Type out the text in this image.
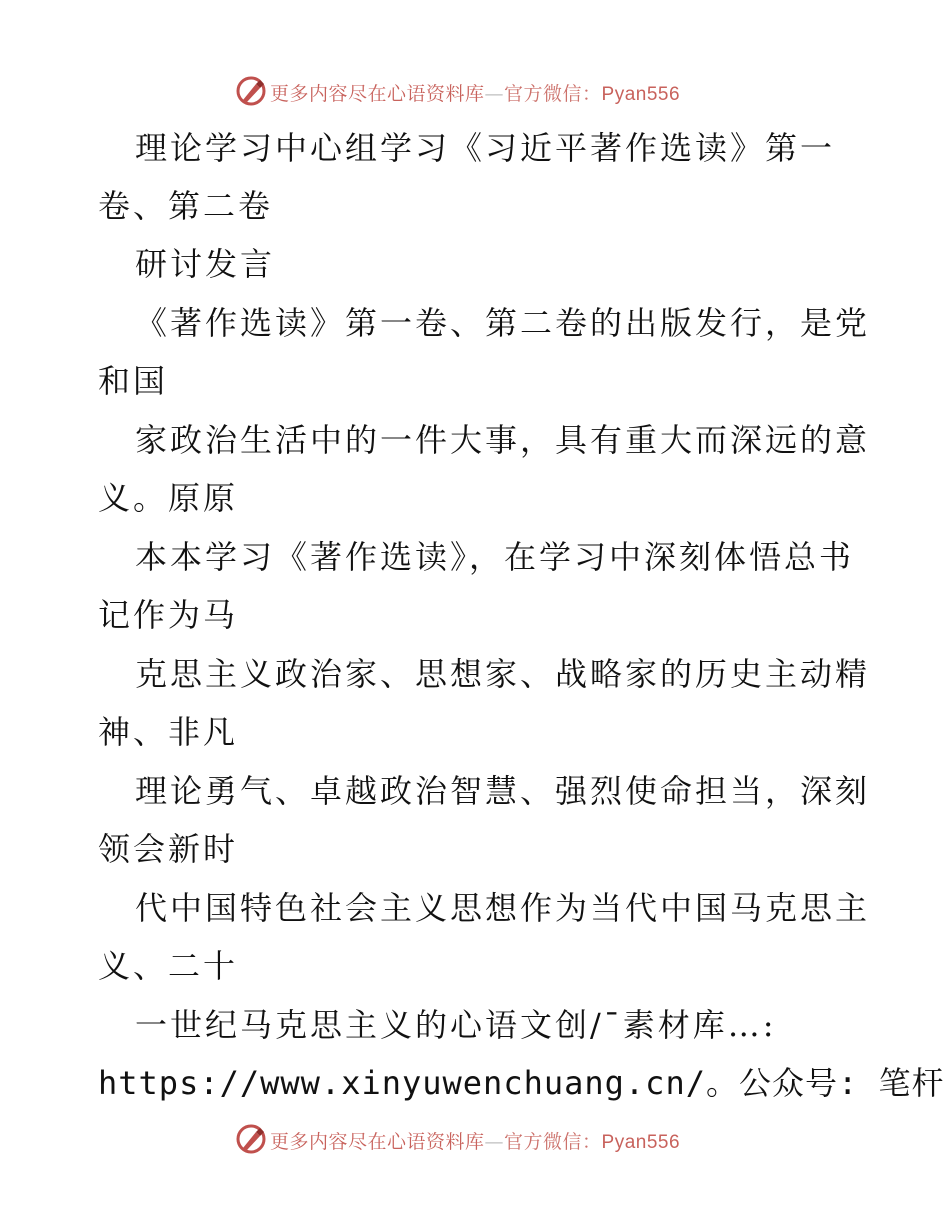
更多内容尽在心语资料库—官方微信：Pyan556
理论学习中心组学习《习近平著作选读》第一
卷、第二卷
研讨发言
《著作选读》第一卷、第二卷的出版发行，是党
和国
家政治生活中的一件大事，具有重大而深远的意
义。原原
本本学习《著作选读》，在学习中深刻体悟总书
记作为马
克思主义政治家、思想家、战略家的历史主动精
神、非凡
理论勇气、卓越政治智慧、强烈使命担当，深刻
领会新时
代中国特色社会主义思想作为当代中国马克思主
义、二十
一世纪马克思主义的心语文创/¯素材库…:
https://www.xinyuwenchuang.cn/。公众号: 笔杆
更多内容尽在心语资料库—官方微信：Pyan556
